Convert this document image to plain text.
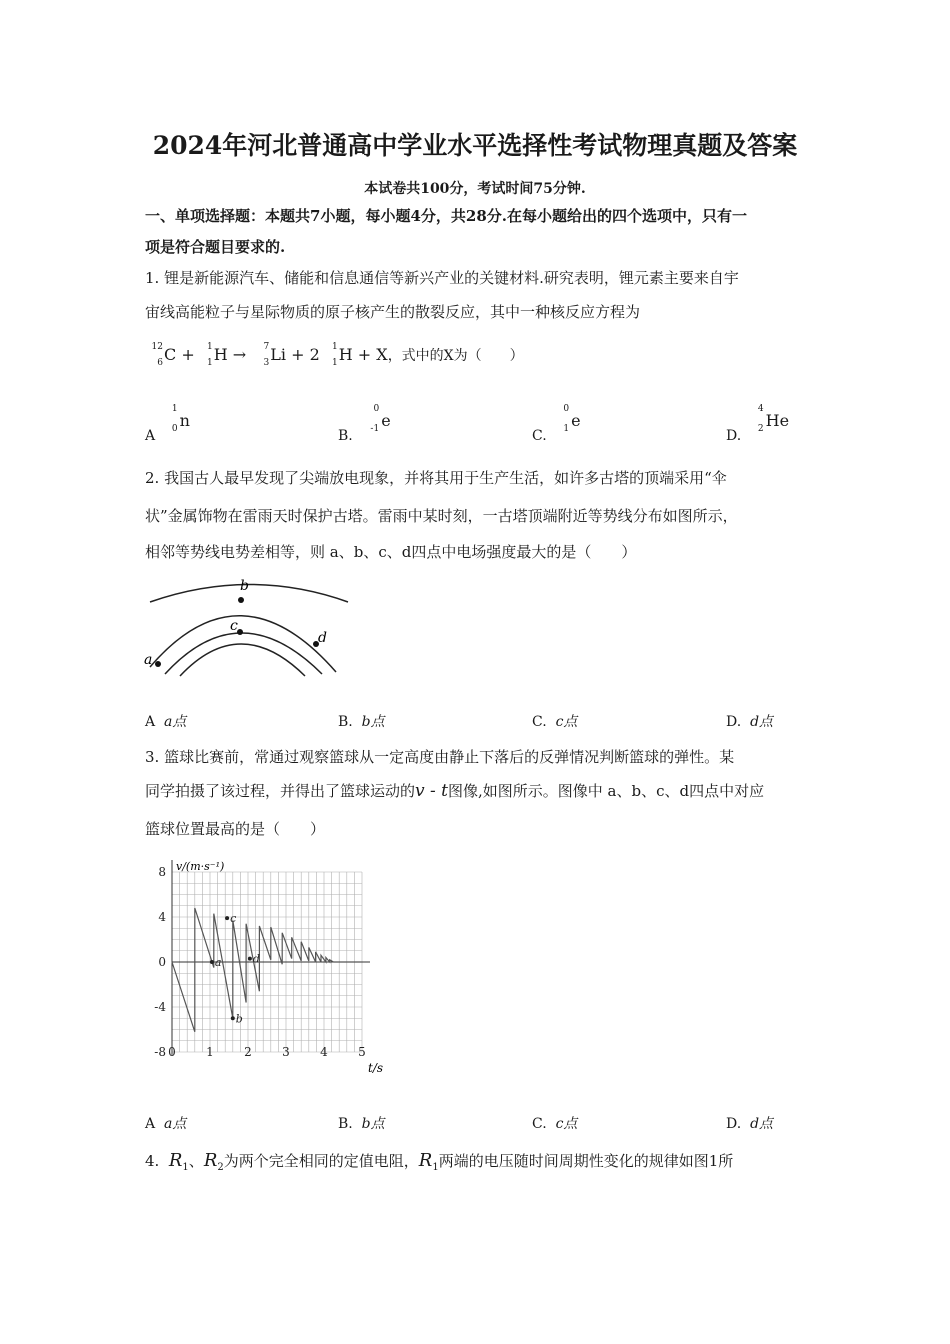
2024年河北普通高中学业水平选择性考试物理真题及答案
本试卷共100分，考试时间75分钟.
一、单项选择题：本题共7小题，每小题4分，共28分.在每小题给出的四个选项中，只有一
项是符合题目要求的.
1. 锂是新能源汽车、储能和信息通信等新兴产业的关键材料.研究表明，锂元素主要来自宇
宙线高能粒子与星际物质的原子核产生的散裂反应，其中一种核反应方程为
12
6 C + 1
1 H → 7
3 Li + 2 1
1 H + X，式中的X为（　　）
A
1
0 n
B.
0
-1 e
C.
0
1 e
D.
4
2 He
2. 我国古人最早发现了尖端放电现象，并将其用于生产生活，如许多古塔的顶端采用“伞
状”金属饰物在雷雨天时保护古塔。雷雨中某时刻，一古塔顶端附近等势线分布如图所示，
相邻等势线电势差相等，则 a、b、c、d四点中电场强度最大的是（　　）
a
b
c
d
A a点	B. b点	C. c点	D. d点
3. 篮球比赛前，常通过观察篮球从一定高度由静止下落后的反弹情况判断篮球的弹性。某
同学拍摄了该过程，并得出了篮球运动的v - t图像,如图所示。图像中 a、b、c、d四点中对应
篮球位置最高的是（　　）
8
4
0
-4
-8 0	1	2	3	4	5
a
b
c
d
v/(m·s⁻¹)
t/s
A a点	B. b点	C. c点	D. d点
4. $R_1$、$R_2$为两个完全相同的定值电阻，$R_1$两端的电压随时间周期性变化的规律如图1所
